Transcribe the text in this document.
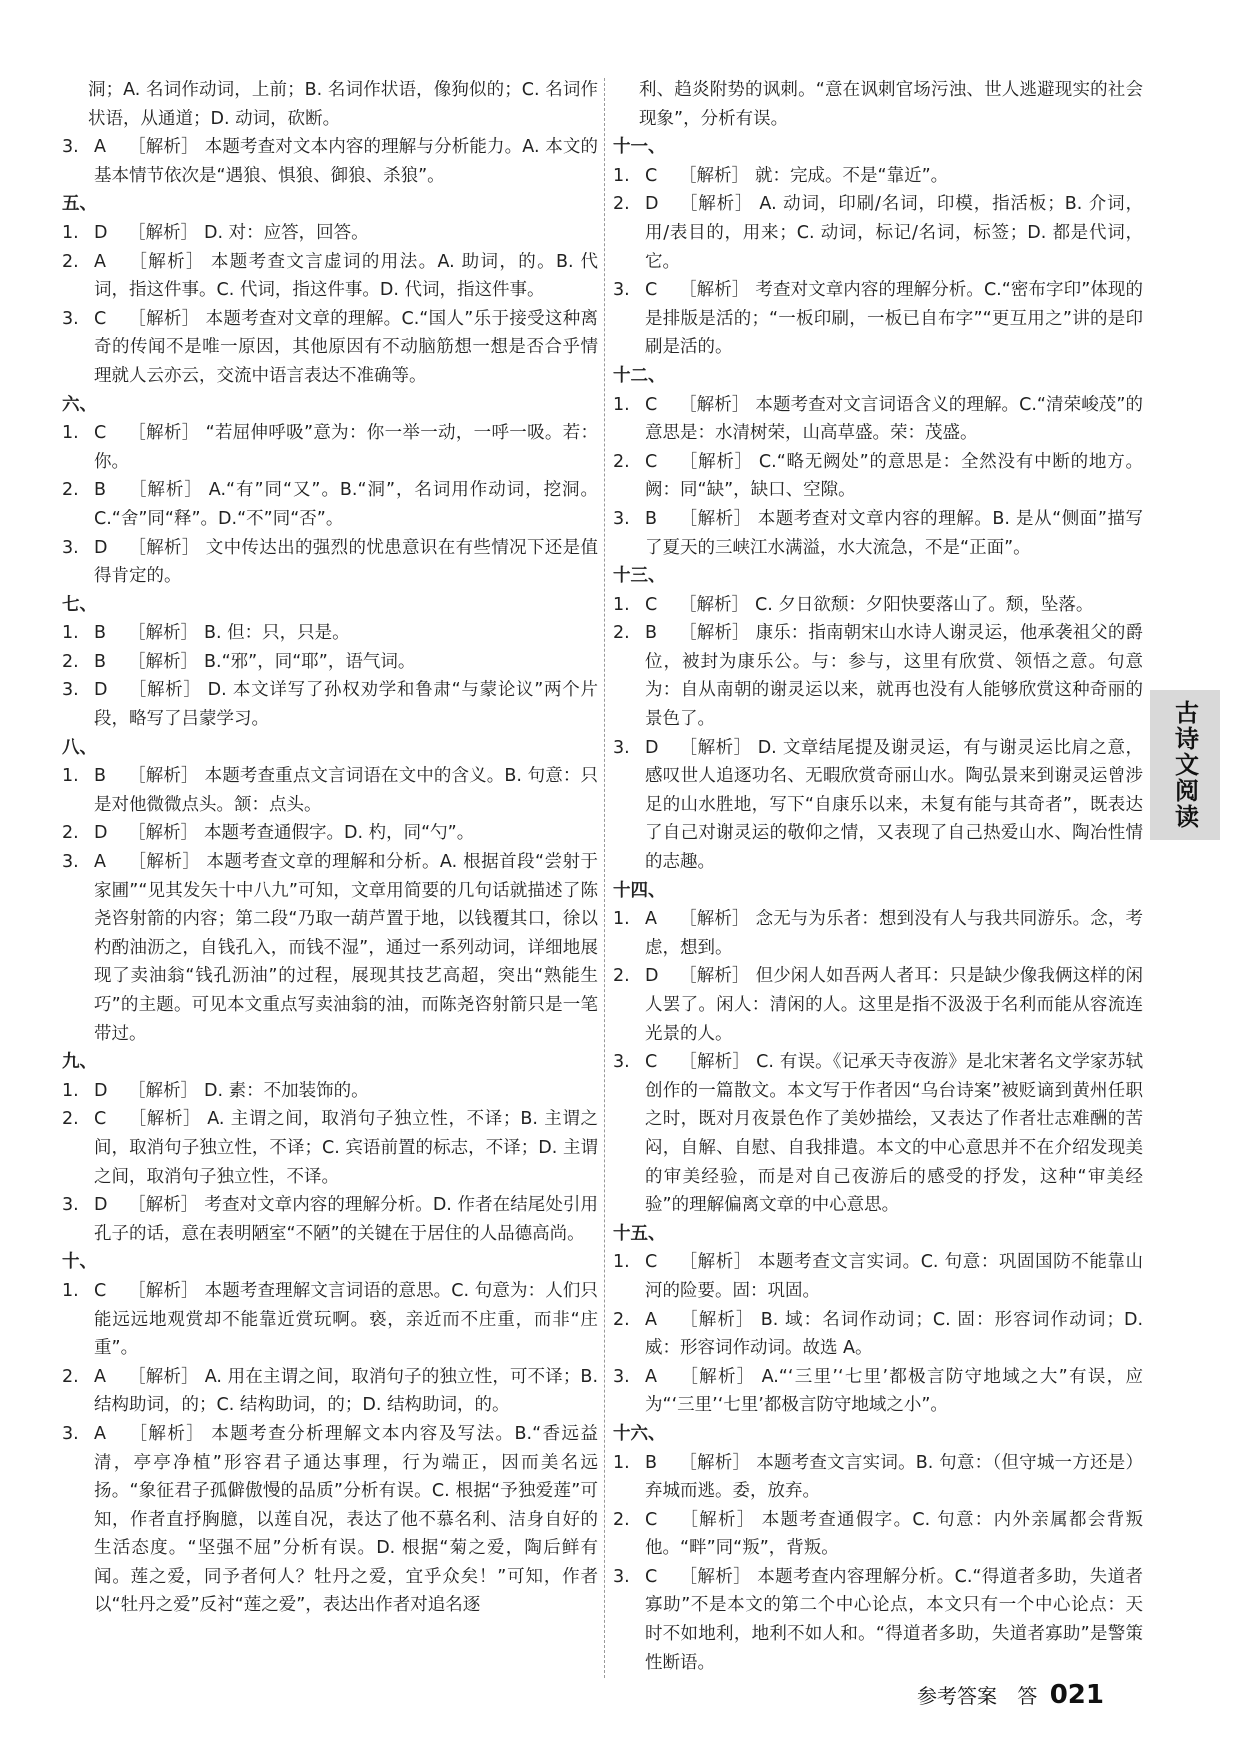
洞；A. 名词作动词，上前；B. 名词作状语，像狗似的；C. 名词作状语，从通道；D. 动词，砍断。

3. A ［解析］ 本题考查对文本内容的理解与分析能力。A. 本文的基本情节依次是“遇狼、惧狼、御狼、杀狼”。

五、

1. D ［解析］ D. 对：应答，回答。

2. A ［解析］ 本题考查文言虚词的用法。A. 助词，的。B. 代词，指这件事。C. 代词，指这件事。D. 代词，指这件事。

3. C ［解析］ 本题考查对文章的理解。C.“国人”乐于接受这种离奇的传闻不是唯一原因，其他原因有不动脑筋想一想是否合乎情理就人云亦云，交流中语言表达不准确等。

六、

1. C ［解析］ “若屈伸呼吸”意为：你一举一动，一呼一吸。若：你。

2. B ［解析］ A.“有”同“又”。B.“洞”，名词用作动词，挖洞。C.“舍”同“释”。D.“不”同“否”。

3. D ［解析］ 文中传达出的强烈的忧患意识在有些情况下还是值得肯定的。

七、

1. B ［解析］ B. 但：只，只是。

2. B ［解析］ B.“邪”，同“耶”，语气词。

3. D ［解析］ D. 本文详写了孙权劝学和鲁肃“与蒙论议”两个片段，略写了吕蒙学习。

八、

1. B ［解析］ 本题考查重点文言词语在文中的含义。B. 句意：只是对他微微点头。颔：点头。

2. D ［解析］ 本题考查通假字。D. 杓，同“勺”。

3. A ［解析］ 本题考查文章的理解和分析。A. 根据首段“尝射于家圃”“见其发矢十中八九”可知，文章用简要的几句话就描述了陈尧咨射箭的内容；第二段“乃取一葫芦置于地，以钱覆其口，徐以杓酌油沥之，自钱孔入，而钱不湿”，通过一系列动词，详细地展现了卖油翁“钱孔沥油”的过程，展现其技艺高超，突出“熟能生巧”的主题。可见本文重点写卖油翁的油，而陈尧咨射箭只是一笔带过。

九、

1. D ［解析］ D. 素：不加装饰的。

2. C ［解析］ A. 主谓之间，取消句子独立性，不译；B. 主谓之间，取消句子独立性，不译；C. 宾语前置的标志，不译；D. 主谓之间，取消句子独立性，不译。

3. D ［解析］ 考查对文章内容的理解分析。D. 作者在结尾处引用孔子的话，意在表明陋室“不陋”的关键在于居住的人品德高尚。

十、

1. C ［解析］ 本题考查理解文言词语的意思。C. 句意为：人们只能远远地观赏却不能靠近赏玩啊。亵，亲近而不庄重，而非“庄重”。

2. A ［解析］ A. 用在主谓之间，取消句子的独立性，可不译；B. 结构助词，的；C. 结构助词，的；D. 结构助词，的。

3. A ［解析］ 本题考查分析理解文本内容及写法。B.“香远益清，亭亭净植”形容君子通达事理，行为端正，因而美名远扬。“象征君子孤僻傲慢的品质”分析有误。C. 根据“予独爱莲”可知，作者直抒胸臆，以莲自况，表达了他不慕名利、洁身自好的生活态度。“坚强不屈”分析有误。D. 根据“菊之爱，陶后鲜有闻。莲之爱，同予者何人？牡丹之爱，宜乎众矣！”可知，作者以“牡丹之爱”反衬“莲之爱”，表达出作者对追名逐

利、趋炎附势的讽刺。“意在讽刺官场污浊、世人逃避现实的社会现象”，分析有误。

十一、

1. C ［解析］ 就：完成。不是“靠近”。

2. D ［解析］ A. 动词，印刷/名词，印模，指活板；B. 介词，用/表目的，用来；C. 动词，标记/名词，标签；D. 都是代词，它。

3. C ［解析］ 考查对文章内容的理解分析。C.“密布字印”体现的是排版是活的；“一板印刷，一板已自布字”“更互用之”讲的是印刷是活的。

十二、

1. C ［解析］ 本题考查对文言词语含义的理解。C.“清荣峻茂”的意思是：水清树荣，山高草盛。荣：茂盛。

2. C ［解析］ C.“略无阙处”的意思是：全然没有中断的地方。阙：同“缺”，缺口、空隙。

3. B ［解析］ 本题考查对文章内容的理解。B. 是从“侧面”描写了夏天的三峡江水满溢，水大流急，不是“正面”。

十三、

1. C ［解析］ C. 夕日欲颓：夕阳快要落山了。颓，坠落。

2. B ［解析］ 康乐：指南朝宋山水诗人谢灵运，他承袭祖父的爵位，被封为康乐公。与：参与，这里有欣赏、领悟之意。句意为：自从南朝的谢灵运以来，就再也没有人能够欣赏这种奇丽的景色了。

3. D ［解析］ D. 文章结尾提及谢灵运，有与谢灵运比肩之意，感叹世人追逐功名、无暇欣赏奇丽山水。陶弘景来到谢灵运曾涉足的山水胜地，写下“自康乐以来，未复有能与其奇者”，既表达了自己对谢灵运的敬仰之情，又表现了自己热爱山水、陶冶性情的志趣。

十四、

1. A ［解析］ 念无与为乐者：想到没有人与我共同游乐。念，考虑，想到。

2. D ［解析］ 但少闲人如吾两人者耳：只是缺少像我俩这样的闲人罢了。闲人：清闲的人。这里是指不汲汲于名利而能从容流连光景的人。

3. C ［解析］ C. 有误。《记承天寺夜游》是北宋著名文学家苏轼创作的一篇散文。本文写于作者因“乌台诗案”被贬谪到黄州任职之时，既对月夜景色作了美妙描绘，又表达了作者壮志难酬的苦闷，自解、自慰、自我排遣。本文的中心意思并不在介绍发现美的审美经验，而是对自己夜游后的感受的抒发，这种“审美经验”的理解偏离文章的中心意思。

十五、

1. C ［解析］ 本题考查文言实词。C. 句意：巩固国防不能靠山河的险要。固：巩固。

2. A ［解析］ B. 域：名词作动词；C. 固：形容词作动词；D. 威：形容词作动词。故选 A。

3. A ［解析］ A.“‘三里’‘七里’都极言防守地域之大”有误，应为“‘三里’‘七里’都极言防守地域之小”。

十六、

1. B ［解析］ 本题考查文言实词。B. 句意：（但守城一方还是）弃城而逃。委，放弃。

2. C ［解析］ 本题考查通假字。C. 句意：内外亲属都会背叛他。“畔”同“叛”，背叛。

3. C ［解析］ 本题考查内容理解分析。C.“得道者多助，失道者寡助”不是本文的第二个中心论点，本文只有一个中心论点：天时不如地利，地利不如人和。“得道者多助，失道者寡助”是警策性断语。

古诗文阅读
参考答案 答 021
